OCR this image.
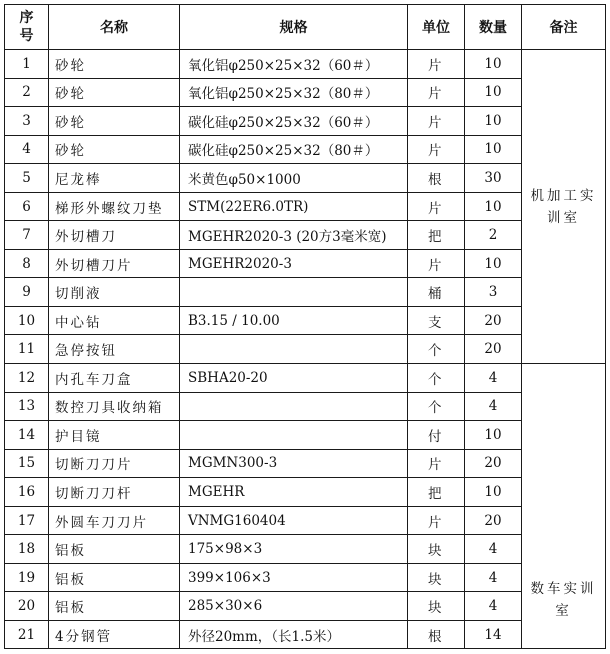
序
号	名称	规格	单位	数量	备注
1	砂轮	氧化铝φ250×25×32（60＃）	片	10	机加工实训室
2	砂轮	氧化铝φ250×25×32（80＃）	片	10	
3	砂轮	碳化硅φ250×25×32（60＃）	片	10	
4	砂轮	碳化硅φ250×25×32（80＃）	片	10	
5	尼龙棒	米黄色φ50×1000	根	30	
6	梯形外螺纹刀垫	STM(22ER6.0TR)	片	10	
7	外切槽刀	MGEHR2020-3 (20方3毫米宽)	把	2	
8	外切槽刀片	MGEHR2020-3	片	10	
9	切削液		桶	3	
10	中心钻	B3.15 / 10.00	支	20	
11	急停按钮		个	20	
12	内孔车刀盒	SBHA20-20	个	4	数车实训室
13	数控刀具收纳箱		个	4	
14	护目镜		付	10	
15	切断刀刀片	MGMN300-3	片	20	
16	切断刀刀杆	MGEHR	把	10	
17	外圆车刀刀片	VNMG160404	片	20	
18	铝板	175×98×3	块	4	
19	铝板	399×106×3	块	4	
20	铝板	285×30×6	块	4	
21	4分钢管	外径20mm，（长1.5米）	根	14	
